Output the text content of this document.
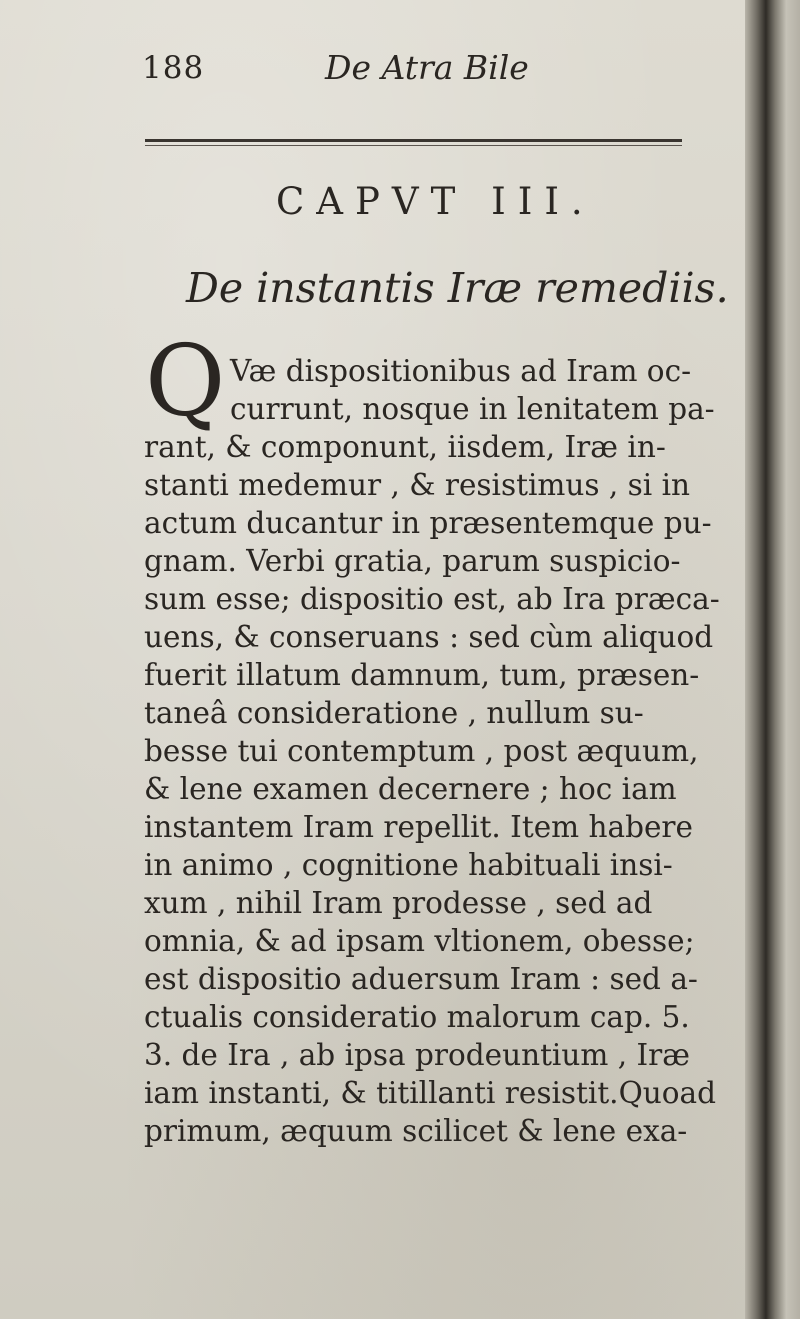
188	De Atra Bile
CAPVT III.
De instantis Iræ remediis.
Q Væ dispositionibus ad Iram oc-
currunt, nosque in lenitatem pa-
rant, & componunt, iisdem, Iræ in-
stanti medemur , & resistimus , si in
actum ducantur in præsentemque pu-
gnam. Verbi gratia, parum suspicio-
sum esse; dispositio est, ab Ira præca-
uens, & conseruans : sed cùm aliquod
fuerit illatum damnum, tum, præsen-
taneâ consideratione , nullum su-
besse tui contemptum , post æquum,
& lene examen decernere ; hoc iam
instantem Iram repellit. Item habere
in animo , cognitione habituali insi-
xum , nihil Iram prodesse , sed ad
omnia, & ad ipsam vltionem, obesse;
est dispositio aduersum Iram : sed a-
ctualis consideratio malorum cap. 5.
3. de Ira , ab ipsa prodeuntium , Iræ
iam instanti, & titillanti resistit.Quoad
primum, æquum scilicet & lene exa-
